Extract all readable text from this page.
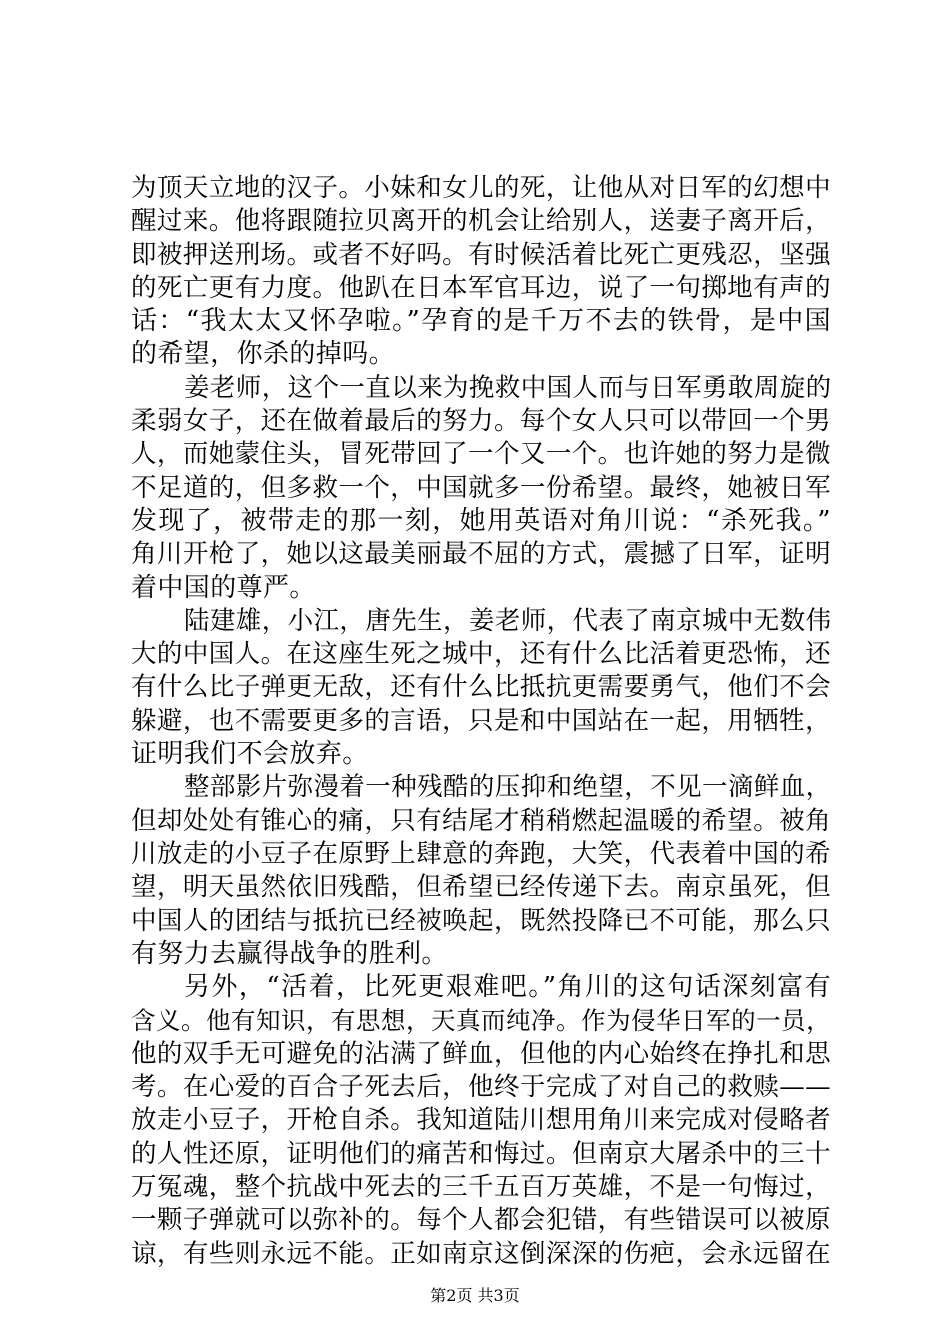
为顶天立地的汉子。小妹和女儿的死，让他从对日军的幻想中
醒过来。他将跟随拉贝离开的机会让给别人，送妻子离开后，
即被押送刑场。或者不好吗。有时候活着比死亡更残忍，坚强
的死亡更有力度。他趴在日本军官耳边，说了一句掷地有声的
话：“我太太又怀孕啦。”孕育的是千万不去的铁骨，是中国
的希望，你杀的掉吗。
姜老师，这个一直以来为挽救中国人而与日军勇敢周旋的
柔弱女子，还在做着最后的努力。每个女人只可以带回一个男
人，而她蒙住头，冒死带回了一个又一个。也许她的努力是微
不足道的，但多救一个，中国就多一份希望。最终，她被日军
发现了，被带走的那一刻，她用英语对角川说：“杀死我。”
角川开枪了，她以这最美丽最不屈的方式，震撼了日军，证明
着中国的尊严。
陆建雄，小江，唐先生，姜老师，代表了南京城中无数伟
大的中国人。在这座生死之城中，还有什么比活着更恐怖，还
有什么比子弹更无敌，还有什么比抵抗更需要勇气，他们不会
躲避，也不需要更多的言语，只是和中国站在一起，用牺牲，
证明我们不会放弃。
整部影片弥漫着一种残酷的压抑和绝望，不见一滴鲜血，
但却处处有锥心的痛，只有结尾才稍稍燃起温暖的希望。被角
川放走的小豆子在原野上肆意的奔跑，大笑，代表着中国的希
望，明天虽然依旧残酷，但希望已经传递下去。南京虽死，但
中国人的团结与抵抗已经被唤起，既然投降已不可能，那么只
有努力去赢得战争的胜利。
另外，“活着，比死更艰难吧。”角川的这句话深刻富有
含义。他有知识，有思想，天真而纯净。作为侵华日军的一员，
他的双手无可避免的沾满了鲜血，但他的内心始终在挣扎和思
考。在心爱的百合子死去后，他终于完成了对自己的救赎——
放走小豆子，开枪自杀。我知道陆川想用角川来完成对侵略者
的人性还原，证明他们的痛苦和悔过。但南京大屠杀中的三十
万冤魂，整个抗战中死去的三千五百万英雄，不是一句悔过，
一颗子弹就可以弥补的。每个人都会犯错，有些错误可以被原
谅，有些则永远不能。正如南京这倒深深的伤疤，会永远留在
第2页 共3页
